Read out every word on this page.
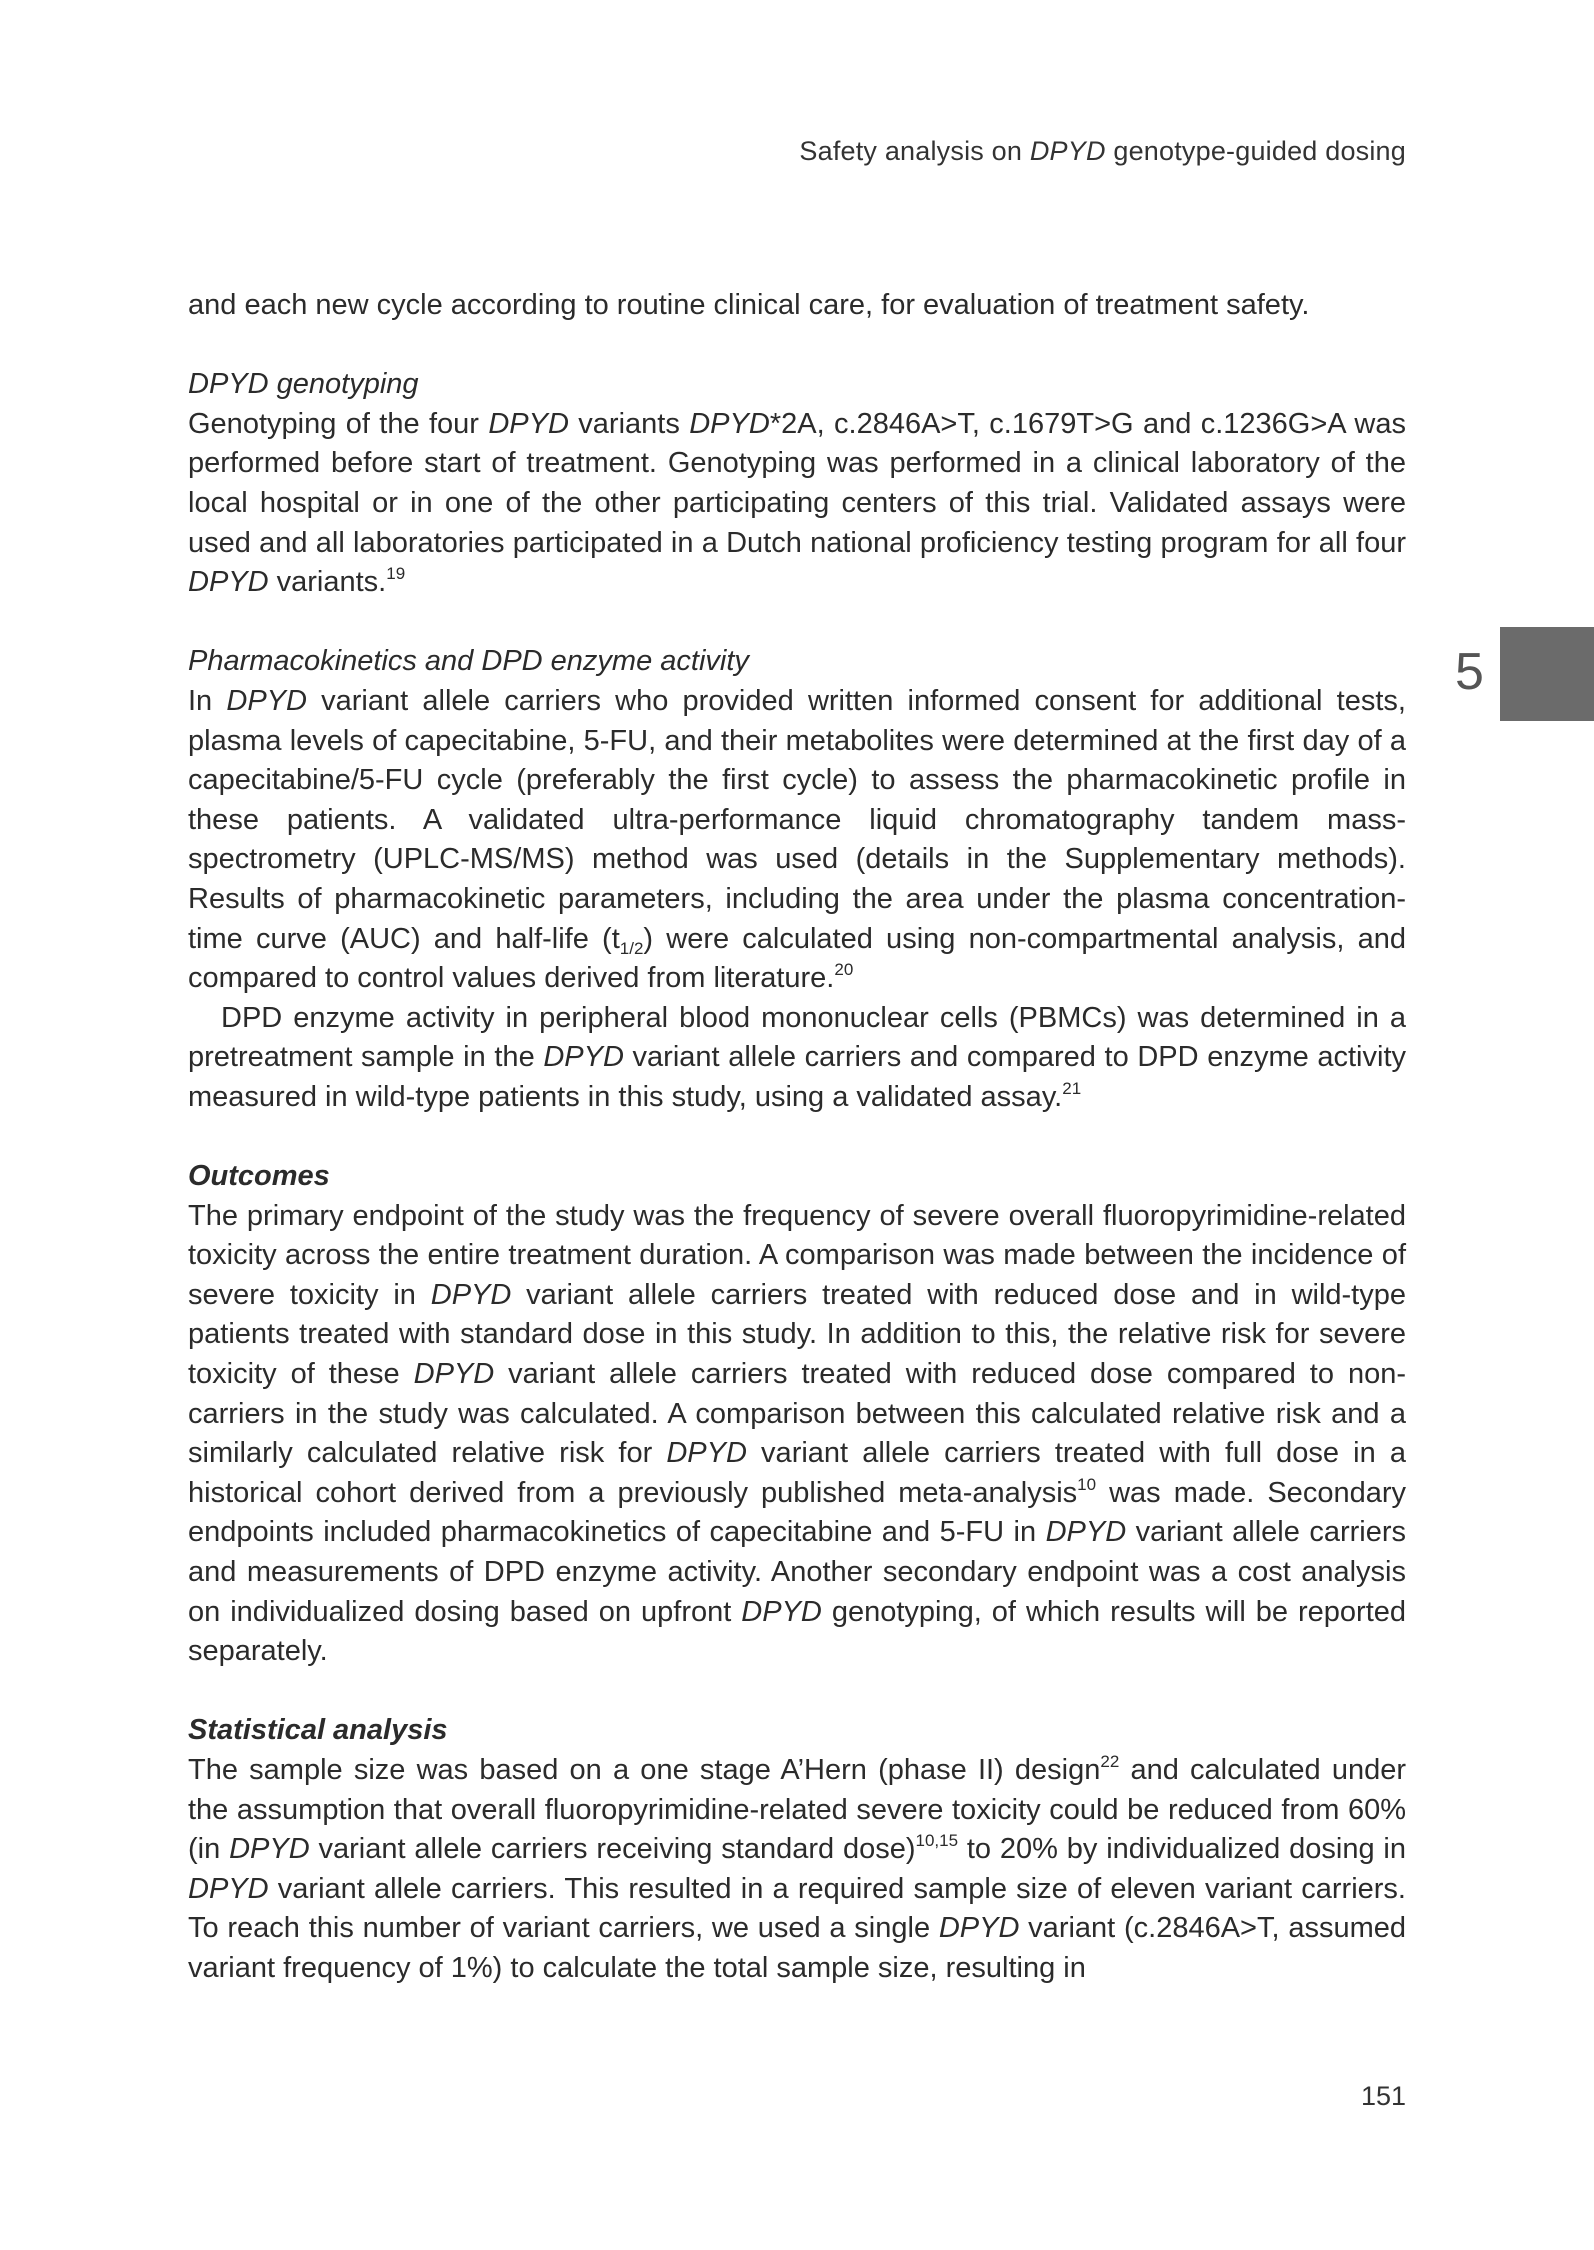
Safety analysis on DPYD genotype-guided dosing
5

and each new cycle according to routine clinical care, for evaluation of treatment safety.

DPYD genotyping

Genotyping of the four DPYD variants DPYD*2A, c.2846A>T, c.1679T>G and c.1236G>A was performed before start of treatment. Genotyping was performed in a clinical laboratory of the local hospital or in one of the other participating centers of this trial. Validated assays were used and all laboratories participated in a Dutch national proficiency testing program for all four DPYD variants.$^{19}$

Pharmacokinetics and DPD enzyme activity

In DPYD variant allele carriers who provided written informed consent for additional tests, plasma levels of capecitabine, 5-FU, and their metabolites were determined at the first day of a capecitabine/5-FU cycle (preferably the first cycle) to assess the pharmacokinetic profile in these patients. A validated ultra-performance liquid chromatography tandem mass-spectrometry (UPLC-MS/MS) method was used (details in the Supplementary methods). Results of pharmacokinetic parameters, including the area under the plasma concentration-time curve (AUC) and half-life $(t_{1/2})$ were calculated using non-compartmental analysis, and compared to control values derived from literature.$^{20}$

DPD enzyme activity in peripheral blood mononuclear cells (PBMCs) was determined in a pretreatment sample in the DPYD variant allele carriers and compared to DPD enzyme activity measured in wild-type patients in this study, using a validated assay.$^{21}$

Outcomes

The primary endpoint of the study was the frequency of severe overall fluoropyrimidine-related toxicity across the entire treatment duration. A comparison was made between the incidence of severe toxicity in DPYD variant allele carriers treated with reduced dose and in wild-type patients treated with standard dose in this study. In addition to this, the relative risk for severe toxicity of these DPYD variant allele carriers treated with reduced dose compared to non-carriers in the study was calculated. A comparison between this calculated relative risk and a similarly calculated relative risk for DPYD variant allele carriers treated with full dose in a historical cohort derived from a previously published meta-analysis$^{10}$ was made. Secondary endpoints included pharmacokinetics of capecitabine and 5-FU in DPYD variant allele carriers and measurements of DPD enzyme activity. Another secondary endpoint was a cost analysis on individualized dosing based on upfront DPYD genotyping, of which results will be reported separately.

Statistical analysis

The sample size was based on a one stage A’Hern (phase II) design$^{22}$ and calculated under the assumption that overall fluoropyrimidine-related severe toxicity could be reduced from 60% (in DPYD variant allele carriers receiving standard dose)$^{10,15}$ to 20% by individualized dosing in DPYD variant allele carriers. This resulted in a required sample size of eleven variant carriers. To reach this number of variant carriers, we used a single DPYD variant (c.2846A>T, assumed variant frequency of 1%) to calculate the total sample size, resulting in

151
